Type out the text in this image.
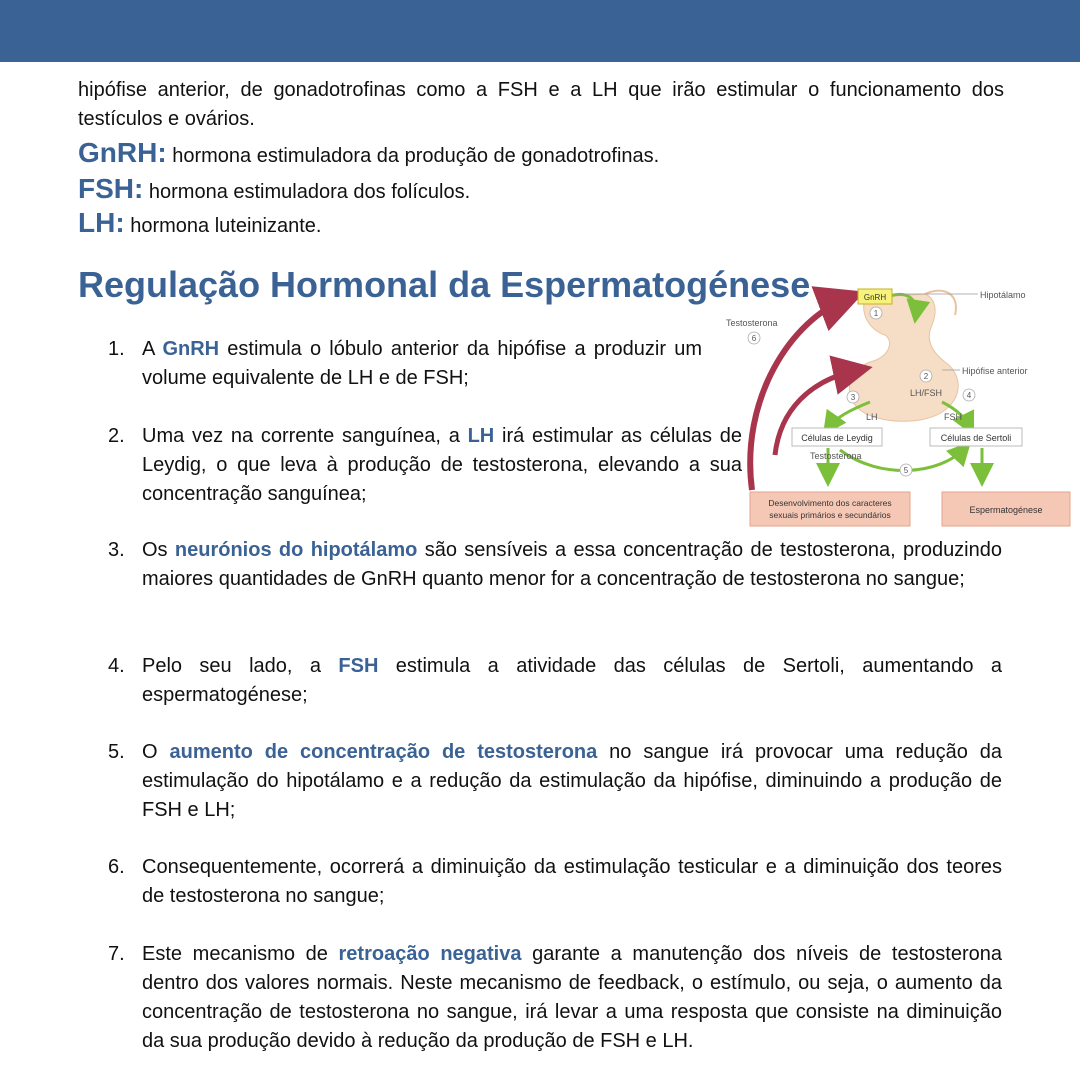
hipófise anterior, de gonadotrofinas como a FSH e a LH que irão estimular o funcionamento dos testículos e ovários.
GnRH: hormona estimuladora da produção de gonadotrofinas.
FSH: hormona estimuladora dos folículos.
LH: hormona luteinizante.
Regulação Hormonal da Espermatogénese
1. A GnRH estimula o lóbulo anterior da hipófise a produzir um volume equivalente de LH e de FSH;
2. Uma vez na corrente sanguínea, a LH irá estimular as células de Leydig, o que leva à produção de testosterona, elevando a sua concentração sanguínea;
3. Os neurónios do hipotálamo são sensíveis a essa concentração de testosterona, produzindo maiores quantidades de GnRH quanto menor for a concentração de testosterona no sangue;
4. Pelo seu lado, a FSH estimula a atividade das células de Sertoli, aumentando a espermatogénese;
5. O aumento de concentração de testosterona no sangue irá provocar uma redução da estimulação do hipotálamo e a redução da estimulação da hipófise, diminuindo a produção de FSH e LH;
6. Consequentemente, ocorrerá a diminuição da estimulação testicular e a diminuição dos teores de testosterona no sangue;
7. Este mecanismo de retroação negativa garante a manutenção dos níveis de testosterona dentro dos valores normais. Neste mecanismo de feedback, o estímulo, ou seja, o aumento da concentração de testosterona no sangue, irá levar a uma resposta que consiste na diminuição da sua produção devido à redução da produção de FSH e LH.
GnRH	Hipotálamo
Hipófise anterior
Testosterona
Testosterona
LH/FSH
LH	FSH
1
2
3	4
5
6
Células de Leydig	Células de Sertoli
Desenvolvimento dos caracteres
sexuais primários e secundários	Espermatogénese
